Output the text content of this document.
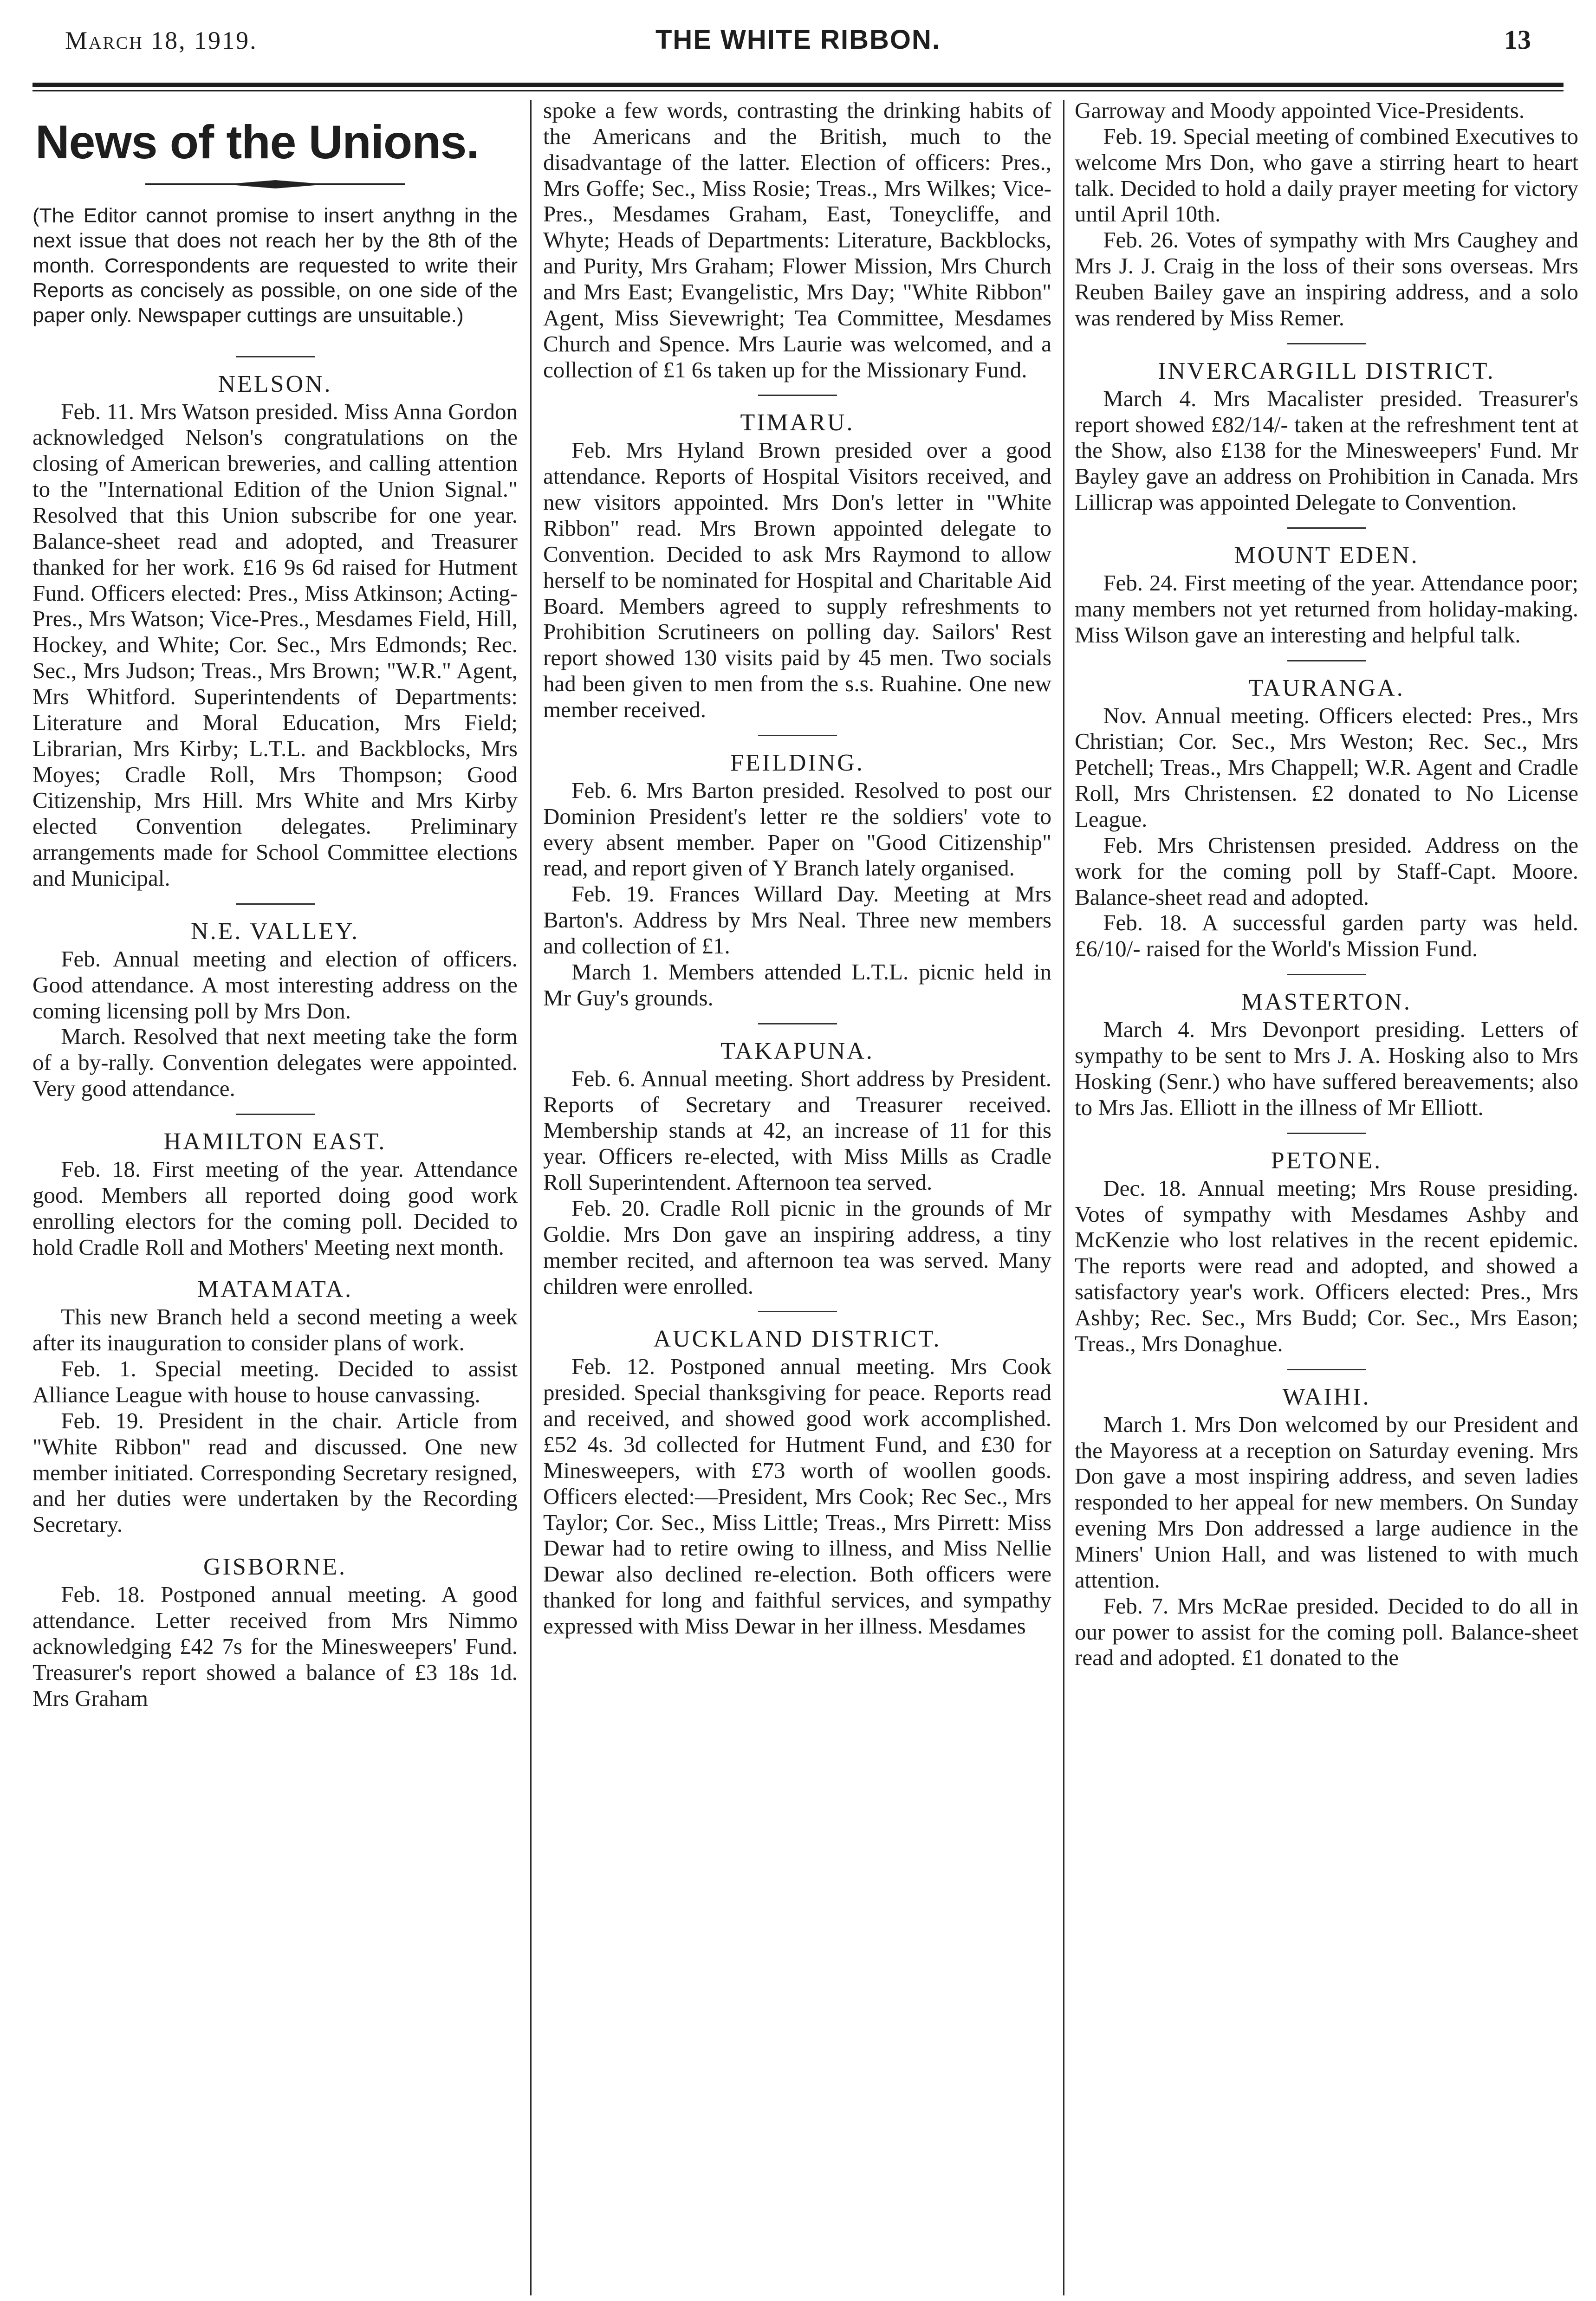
March 18, 1919.	THE WHITE RIBBON.	13
News of the Unions.
(The Editor cannot promise to insert anythng in the next issue that does not reach her by the 8th of the month. Correspondents are requested to write their Reports as concisely as possible, on one side of the paper only. Newspaper cuttings are unsuitable.)
NELSON.

Feb. 11. Mrs Watson presided. Miss Anna Gordon acknowledged Nelson's congratulations on the closing of American breweries, and calling attention to the "International Edition of the Union Signal." Resolved that this Union subscribe for one year. Balance-sheet read and adopted, and Treasurer thanked for her work. £16 9s 6d raised for Hutment Fund. Officers elected: Pres., Miss Atkinson; Acting-Pres., Mrs Watson; Vice-Pres., Mesdames Field, Hill, Hockey, and White; Cor. Sec., Mrs Edmonds; Rec. Sec., Mrs Judson; Treas., Mrs Brown; "W.R." Agent, Mrs Whitford. Superintendents of Departments: Literature and Moral Education, Mrs Field; Librarian, Mrs Kirby; L.T.L. and Backblocks, Mrs Moyes; Cradle Roll, Mrs Thompson; Good Citizenship, Mrs Hill. Mrs White and Mrs Kirby elected Convention delegates. Preliminary arrangements made for School Committee elections and Municipal.

N.E. VALLEY.

Feb. Annual meeting and election of officers. Good attendance. A most interesting address on the coming licensing poll by Mrs Don.

March. Resolved that next meeting take the form of a by-rally. Convention delegates were appointed. Very good attendance.

HAMILTON EAST.

Feb. 18. First meeting of the year. Attendance good. Members all reported doing good work enrolling electors for the coming poll. Decided to hold Cradle Roll and Mothers' Meeting next month.

MATAMATA.

This new Branch held a second meeting a week after its inauguration to consider plans of work.

Feb. 1. Special meeting. Decided to assist Alliance League with house to house canvassing.

Feb. 19. President in the chair. Article from "White Ribbon" read and discussed. One new member initiated. Corresponding Secretary resigned, and her duties were undertaken by the Recording Secretary.

GISBORNE.

Feb. 18. Postponed annual meeting. A good attendance. Letter received from Mrs Nimmo acknowledging £42 7s for the Minesweepers' Fund. Treasurer's report showed a balance of £3 18s 1d. Mrs Graham

spoke a few words, contrasting the drinking habits of the Americans and the British, much to the disadvantage of the latter. Election of officers: Pres., Mrs Goffe; Sec., Miss Rosie; Treas., Mrs Wilkes; Vice-Pres., Mesdames Graham, East, Toneycliffe, and Whyte; Heads of Departments: Literature, Backblocks, and Purity, Mrs Graham; Flower Mission, Mrs Church and Mrs East; Evangelistic, Mrs Day; "White Ribbon" Agent, Miss Sievewright; Tea Committee, Mesdames Church and Spence. Mrs Laurie was welcomed, and a collection of £1 6s taken up for the Missionary Fund.

TIMARU.

Feb. Mrs Hyland Brown presided over a good attendance. Reports of Hospital Visitors received, and new visitors appointed. Mrs Don's letter in "White Ribbon" read. Mrs Brown appointed delegate to Convention. Decided to ask Mrs Raymond to allow herself to be nominated for Hospital and Charitable Aid Board. Members agreed to supply refreshments to Prohibition Scrutineers on polling day. Sailors' Rest report showed 130 visits paid by 45 men. Two socials had been given to men from the s.s. Ruahine. One new member received.

FEILDING.

Feb. 6. Mrs Barton presided. Resolved to post our Dominion President's letter re the soldiers' vote to every absent member. Paper on "Good Citizenship" read, and report given of Y Branch lately organised.

Feb. 19. Frances Willard Day. Meeting at Mrs Barton's. Address by Mrs Neal. Three new members and collection of £1.

March 1. Members attended L.T.L. picnic held in Mr Guy's grounds.

TAKAPUNA.

Feb. 6. Annual meeting. Short address by President. Reports of Secretary and Treasurer received. Membership stands at 42, an increase of 11 for this year. Officers re-elected, with Miss Mills as Cradle Roll Superintendent. Afternoon tea served.

Feb. 20. Cradle Roll picnic in the grounds of Mr Goldie. Mrs Don gave an inspiring address, a tiny member recited, and afternoon tea was served. Many children were enrolled.

AUCKLAND DISTRICT.

Feb. 12. Postponed annual meeting. Mrs Cook presided. Special thanksgiving for peace. Reports read and received, and showed good work accomplished. £52 4s. 3d collected for Hutment Fund, and £30 for Minesweepers, with £73 worth of woollen goods. Officers elected:—President, Mrs Cook; Rec Sec., Mrs Taylor; Cor. Sec., Miss Little; Treas., Mrs Pirrett: Miss Dewar had to retire owing to illness, and Miss Nellie Dewar also declined re-election. Both officers were thanked for long and faithful services, and sympathy expressed with Miss Dewar in her illness. Mesdames

Garroway and Moody appointed Vice-Presidents.

Feb. 19. Special meeting of combined Executives to welcome Mrs Don, who gave a stirring heart to heart talk. Decided to hold a daily prayer meeting for victory until April 10th.

Feb. 26. Votes of sympathy with Mrs Caughey and Mrs J. J. Craig in the loss of their sons overseas. Mrs Reuben Bailey gave an inspiring address, and a solo was rendered by Miss Remer.

INVERCARGILL DISTRICT.

March 4. Mrs Macalister presided. Treasurer's report showed £82/14/- taken at the refreshment tent at the Show, also £138 for the Minesweepers' Fund. Mr Bayley gave an address on Prohibition in Canada. Mrs Lillicrap was appointed Delegate to Convention.

MOUNT EDEN.

Feb. 24. First meeting of the year. Attendance poor; many members not yet returned from holiday-making. Miss Wilson gave an interesting and helpful talk.

TAURANGA.

Nov. Annual meeting. Officers elected: Pres., Mrs Christian; Cor. Sec., Mrs Weston; Rec. Sec., Mrs Petchell; Treas., Mrs Chappell; W.R. Agent and Cradle Roll, Mrs Christensen. £2 donated to No License League.

Feb. Mrs Christensen presided. Address on the work for the coming poll by Staff-Capt. Moore. Balance-sheet read and adopted.

Feb. 18. A successful garden party was held. £6/10/- raised for the World's Mission Fund.

MASTERTON.

March 4. Mrs Devonport presiding. Letters of sympathy to be sent to Mrs J. A. Hosking also to Mrs Hosking (Senr.) who have suffered bereavements; also to Mrs Jas. Elliott in the illness of Mr Elliott.

PETONE.

Dec. 18. Annual meeting; Mrs Rouse presiding. Votes of sympathy with Mesdames Ashby and McKenzie who lost relatives in the recent epidemic. The reports were read and adopted, and showed a satisfactory year's work. Officers elected: Pres., Mrs Ashby; Rec. Sec., Mrs Budd; Cor. Sec., Mrs Eason; Treas., Mrs Donaghue.

WAIHI.

March 1. Mrs Don welcomed by our President and the Mayoress at a reception on Saturday evening. Mrs Don gave a most inspiring address, and seven ladies responded to her appeal for new members. On Sunday evening Mrs Don addressed a large audience in the Miners' Union Hall, and was listened to with much attention.

Feb. 7. Mrs McRae presided. Decided to do all in our power to assist for the coming poll. Balance-sheet read and adopted. £1 donated to the
